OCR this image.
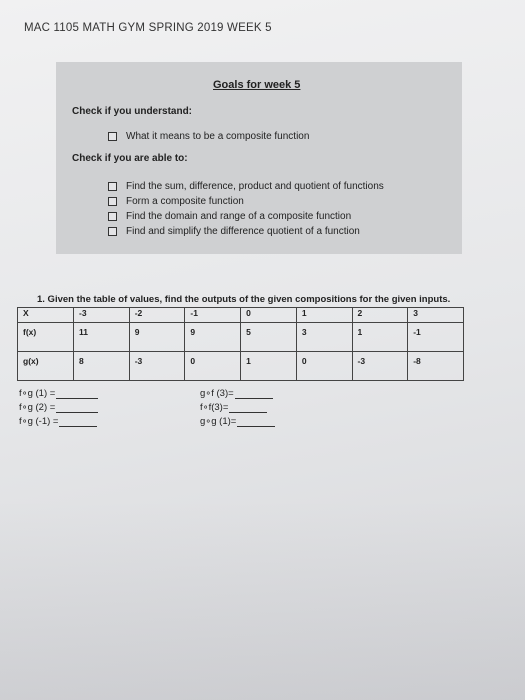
MAC 1105 MATH GYM SPRING 2019 WEEK 5
Goals for week 5
Check if you understand:
What it means to be a composite function
Check if you are able to:
Find the sum, difference, product and quotient of functions
Form a composite function
Find the domain and range of a composite function
Find and simplify the difference quotient of a function
1. Given the table of values, find the outputs of the given compositions for the given inputs.
X	-3	-2	-1	0	1	2	3
f(x)	11	9	9	5	3	1	-1
g(x)	8	-3	0	1	0	-3	-8
f∘g (1) =
f∘g (2) =
f∘g (-1) =
g∘f (3)=
f∘f(3)=
g∘g (1)=
